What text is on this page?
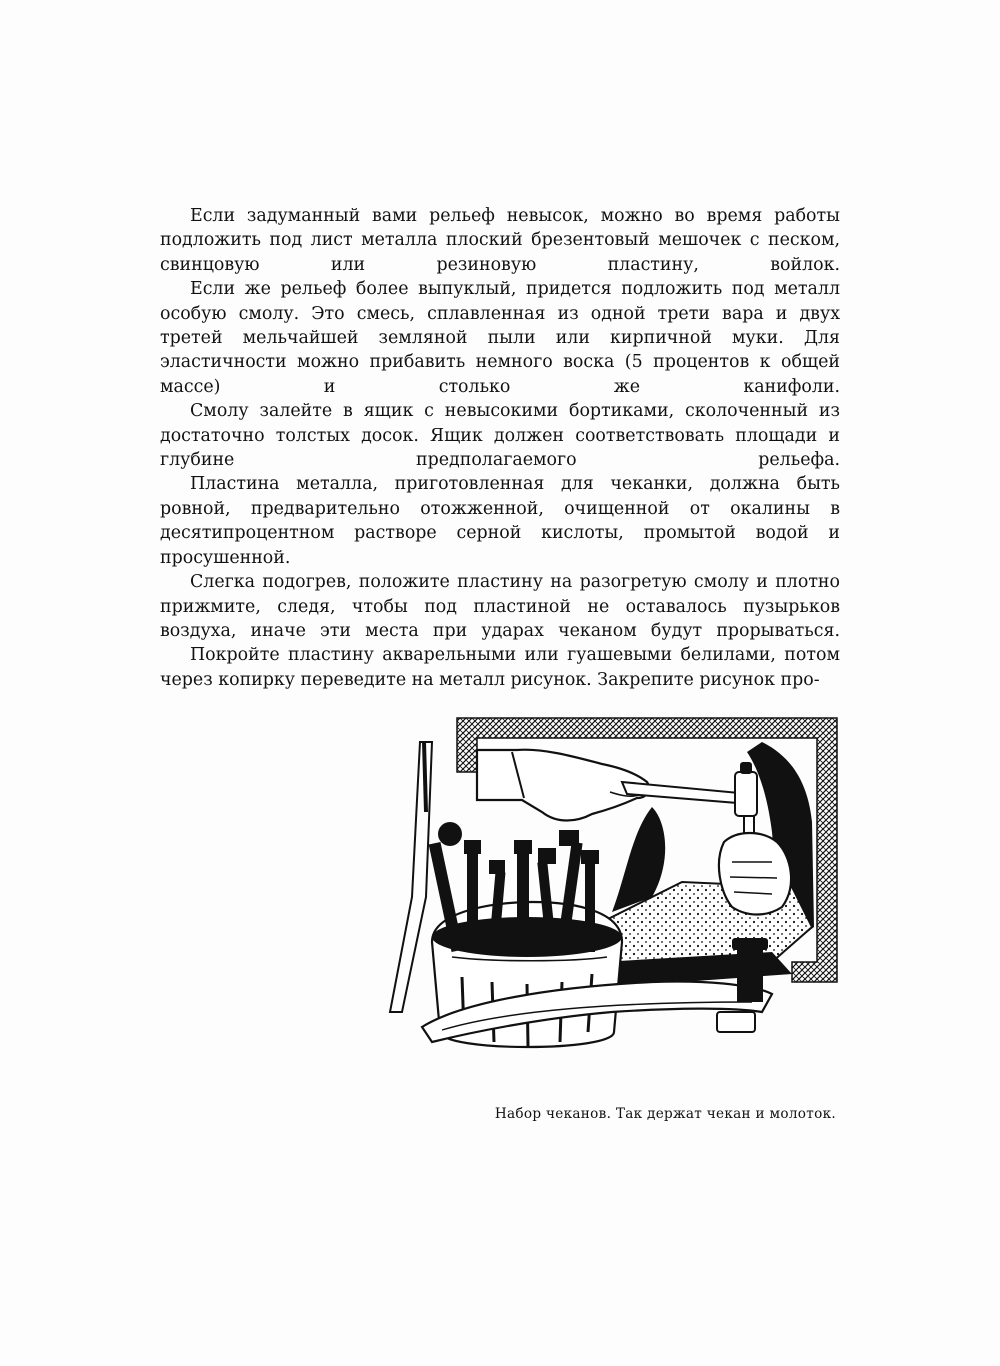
Если задуманный вами рельеф невысок, можно во время работы подложить под лист металла плоский брезентовый мешочек с песком, свинцовую или резиновую пластину, войлок.

Если же рельеф более выпуклый, придется подложить под металл особую смолу. Это смесь, сплавленная из одной трети вара и двух третей мельчайшей земляной пыли или кирпичной муки. Для эластичности можно прибавить немного воска (5 процентов к общей массе) и столько же канифоли.

Смолу залейте в ящик с невысокими бортиками, сколоченный из достаточно толстых досок. Ящик должен соответствовать площади и глубине предполагаемого рельефа.

Пластина металла, приготовленная для чеканки, должна быть ровной, предварительно отожженной, очищенной от окалины в десятипроцентном растворе серной кислоты, промытой водой и просушенной.

Слегка подогрев, положите пластину на разогретую смолу и плотно прижмите, следя, чтобы под пластиной не оставалось пузырьков воздуха, иначе эти места при ударах чеканом будут прорываться.

Покройте пластину акварельными или гуашевыми белилами, потом через копирку переведите на металл рисунок. Закрепите рисунок про-

Набор чеканов. Так держат чекан и молоток.
